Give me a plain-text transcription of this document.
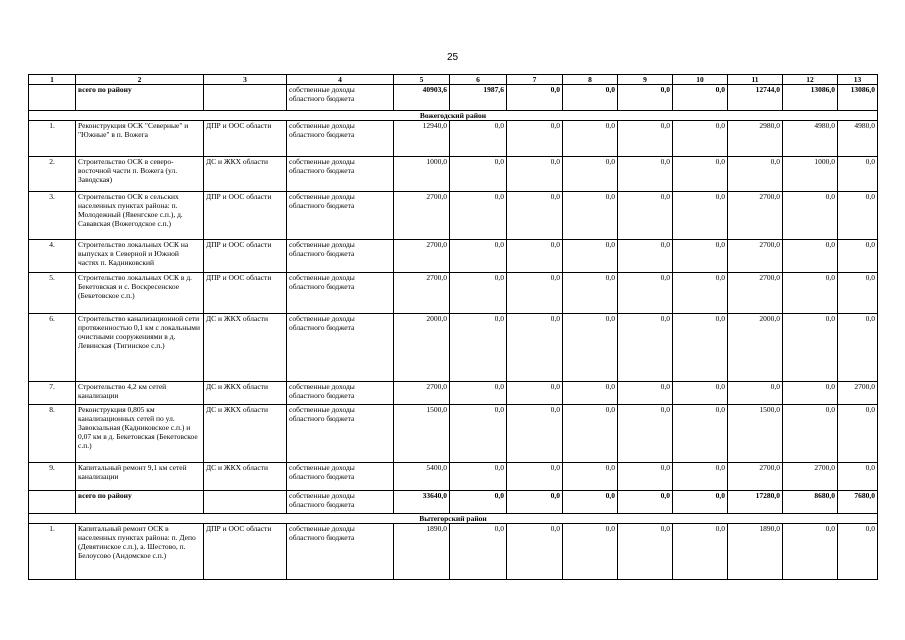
25
1	2	3	4	5	6	7	8	9	10	11	12	13
	всего по району		собственные доходы областного бюджета	40903,6	1987,6	0,0	0,0	0,0	0,0	12744,0	13086,0	13086,0
Вожегодский район												
1.	Реконструкция ОСК "Северные" и "Южные" в п. Вожега	ДПР и ООС области	собственные доходы областного бюджета	12940,0	0,0	0,0	0,0	0,0	0,0	2980,0	4980,0	4980,0
2.	Строительство ОСК в северо-восточной части п. Вожега (ул. Заводская)	ДС и ЖКХ области	собственные доходы областного бюджета	1000,0	0,0	0,0	0,0	0,0	0,0	0,0	1000,0	0,0
3.	Строительство ОСК в сельских населенных пунктах района: п. Молодежный (Явенгское с.п.), д. Сававская (Вожегодское с.п.)	ДПР и ООС области	собственные доходы областного бюджета	2700,0	0,0	0,0	0,0	0,0	0,0	2700,0	0,0	0,0
4.	Строительство локальных ОСК на выпусках в Северной и Южной частях п. Кадниковский	ДПР и ООС области	собственные доходы областного бюджета	2700,0	0,0	0,0	0,0	0,0	0,0	2700,0	0,0	0,0
5.	Строительство локальных ОСК в д. Бекетовская и с. Воскресенское (Бекетовское с.п.)	ДПР и ООС области	собственные доходы областного бюджета	2700,0	0,0	0,0	0,0	0,0	0,0	2700,0	0,0	0,0
6.	Строительство канализационной сети протяженностью 0,1 км с локальными очистными сооружениями в д. Левинская (Тигинское с.п.)	ДС и ЖКХ области	собственные доходы областного бюджета	2000,0	0,0	0,0	0,0	0,0	0,0	2000,0	0,0	0,0
7.	Строительство 4,2 км сетей канализации	ДС и ЖКХ области	собственные доходы областного бюджета	2700,0	0,0	0,0	0,0	0,0	0,0	0,0	0,0	2700,0
8.	Реконструкция 0,805 км канализационных сетей по ул. Завокзальная (Кадниковское с.п.) и 0,07 км в д. Бекетовская (Бекетовское с.п.)	ДС и ЖКХ области	собственные доходы областного бюджета	1500,0	0,0	0,0	0,0	0,0	0,0	1500,0	0,0	0,0
9.	Капитальный ремонт 9,1 км сетей канализации	ДС и ЖКХ области	собственные доходы областного бюджета	5400,0	0,0	0,0	0,0	0,0	0,0	2700,0	2700,0	0,0
	всего по району		собственные доходы областного бюджета	33640,0	0,0	0,0	0,0	0,0	0,0	17280,0	8680,0	7680,0
Вытегорский район												
1.	Капитальный ремонт ОСК в населенных пунктах района: п. Депо (Девятинское с.п.), а. Шестово, п. Белоусово (Андомское с.п.)	ДПР и ООС области	собственные доходы областного бюджета	1890,0	0,0	0,0	0,0	0,0	0,0	1890,0	0,0	0,0
